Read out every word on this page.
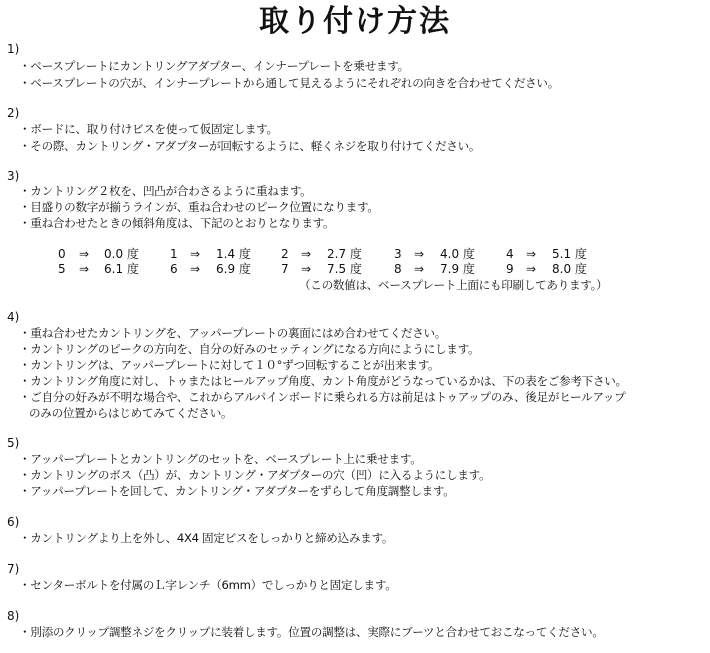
取り付け方法
1)
・ベースプレートにカントリングアダプター、インナープレートを乗せます。
・ベースプレートの穴が、インナープレートから通して見えるようにそれぞれの向きを合わせてください。
2)
・ボードに、取り付けビスを使って仮固定します。
・その際、カントリング・アダプターが回転するように、軽くネジを取り付けてください。
3)
・カントリング２枚を、凹凸が合わさるように重ねます。
・目盛りの数字が揃うラインが、重ね合わせのピーク位置になります。
・重ね合わせたときの傾斜角度は、下記のとおりとなります。
0 ⇒ 0.0 度	1 ⇒ 1.4 度	2 ⇒ 2.7 度	3 ⇒ 4.0 度	4 ⇒ 5.1 度
5 ⇒ 6.1 度	6 ⇒ 6.9 度	7 ⇒ 7.5 度	8 ⇒ 7.9 度	9 ⇒ 8.0 度
（この数値は、ベースプレート上面にも印刷してあります。）
4)
・重ね合わせたカントリングを、アッパープレートの裏面にはめ合わせてください。
・カントリングのピークの方向を、自分の好みのセッティングになる方向にようにします。
・カントリングは、アッパープレートに対して１０°ずつ回転することが出来ます。
・カントリング角度に対し、トゥまたはヒールアップ角度、カント角度がどうなっているかは、下の表をご参考下さい。
・ご自分の好みが不明な場合や、これからアルパインボードに乗られる方は前足はトゥアップのみ、後足がヒールアップ
のみの位置からはじめてみてください。
5)
・アッパープレートとカントリングのセットを、ベースプレート上に乗せます。
・カントリングのボス（凸）が、カントリング・アダプターの穴（凹）に入るようにします。
・アッパープレートを回して、カントリング・アダプターをずらして角度調整します。
6)
・カントリングより上を外し、4X4 固定ビスをしっかりと締め込みます。
7)
・センターボルトを付属のＬ字レンチ（6mm）でしっかりと固定します。
8)
・別添のクリップ調整ネジをクリップに装着します。位置の調整は、実際にブーツと合わせておこなってください。
